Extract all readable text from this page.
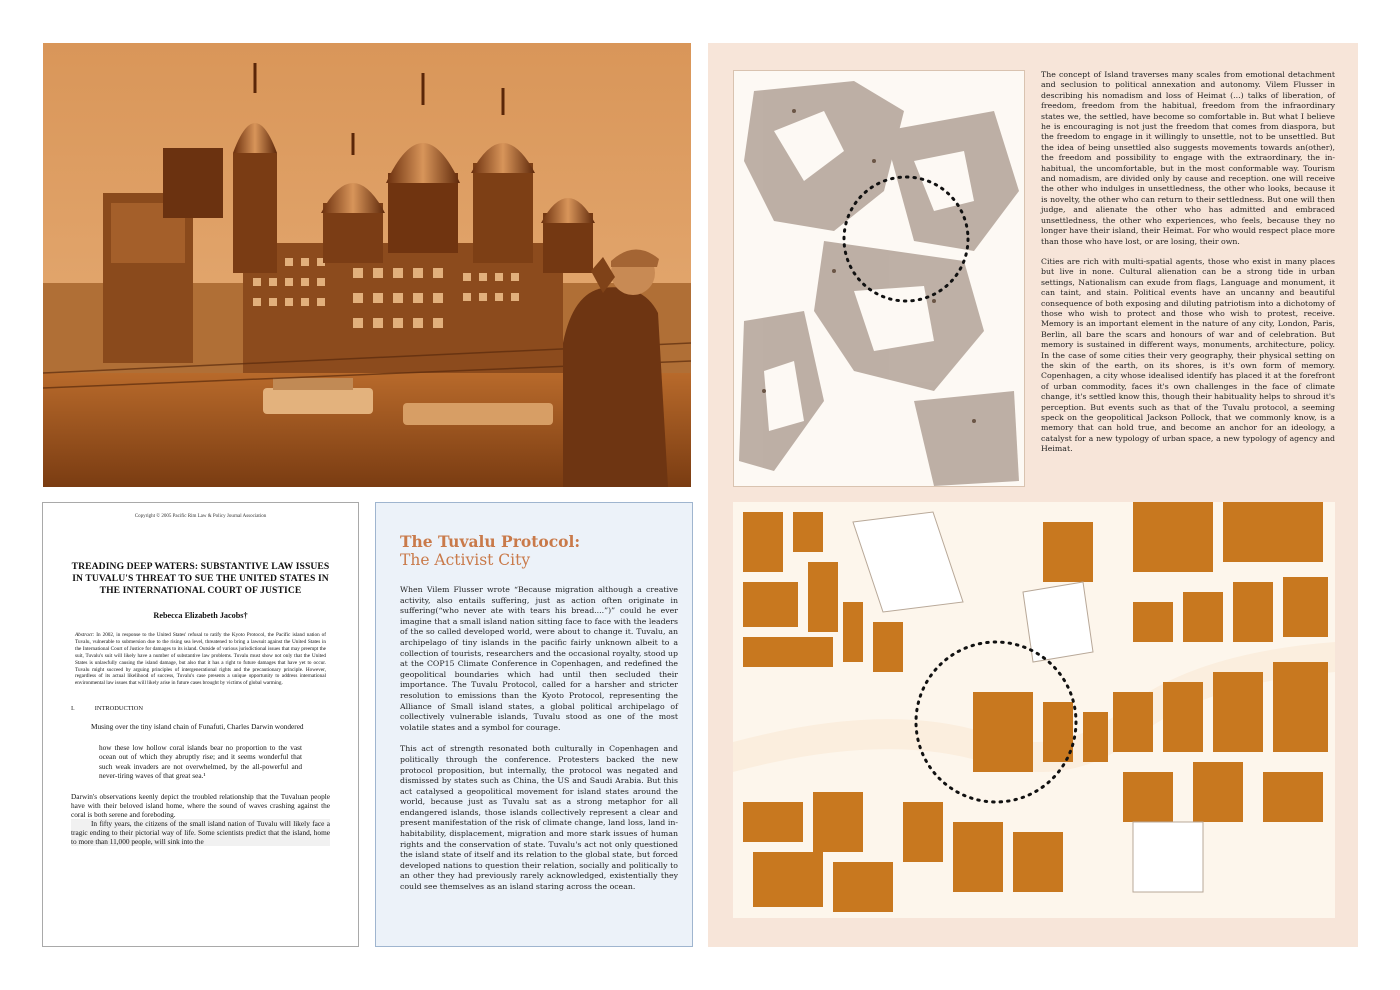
Copyright © 2005 Pacific Rim Law & Policy Journal Association
TREADING DEEP WATERS: SUBSTANTIVE LAW ISSUES IN TUVALU'S THREAT TO SUE THE UNITED STATES IN THE INTERNATIONAL COURT OF JUSTICE
Rebecca Elizabeth Jacobs†
Abstract: In 2002, in response to the United States' refusal to ratify the Kyoto Protocol, the Pacific island nation of Tuvalu, vulnerable to submersion due to the rising sea level, threatened to bring a lawsuit against the United States in the International Court of Justice for damages to its island. Outside of various jurisdictional issues that may preempt the suit, Tuvalu's suit will likely have a number of substantive law problems. Tuvalu must show not only that the United States is unlawfully causing the island damage, but also that it has a right to future damages that have yet to occur. Tuvalu might succeed by arguing principles of intergenerational rights and the precautionary principle. However, regardless of its actual likelihood of success, Tuvalu's case presents a unique opportunity to address international environmental law issues that will likely arise in future cases brought by victims of global warming.
I.	INTRODUCTION
Musing over the tiny island chain of Funafuti, Charles Darwin wondered
how these low hollow coral islands bear no proportion to the vast ocean out of which they abruptly rise; and it seems wonderful that such weak invaders are not overwhelmed, by the all-powerful and never-tiring waves of that great sea.¹
Darwin's observations keenly depict the troubled relationship that the Tuvaluan people have with their beloved island home, where the sound of waves crashing against the coral is both serene and foreboding.
In fifty years, the citizens of the small island nation of Tuvalu will likely face a tragic ending to their pictorial way of life. Some scientists predict that the island, home to more than 11,000 people, will sink into the
The Tuvalu Protocol:
The Activist City

When Vilem Flusser wrote “Because migration although a creative activity, also entails suffering, just as action often originate in suffering(“who never ate with tears his bread....”)” could he ever imagine that a small island nation sitting face to face with the leaders of the so called developed world, were about to change it. Tuvalu, an archipelago of tiny islands in the pacific fairly unknown albeit to a collection of tourists, researchers and the occasional royalty, stood up at the COP15 Climate Conference in Copenhagen, and redefined the geopolitical boundaries which had until then secluded their importance. The Tuvalu Protocol, called for a harsher and stricter resolution to emissions than the Kyoto Protocol, representing the Alliance of Small island states, a global political archipelago of collectively vulnerable islands, Tuvalu stood as one of the most volatile states and a symbol for courage.

This act of strength resonated both culturally in Copenhagen and politically through the conference. Protesters backed the new protocol proposition, but internally, the protocol was negated and dismissed by states such as China, the US and Saudi Arabia. But this act catalysed a geopolitical movement for island states around the world, because just as Tuvalu sat as a strong metaphor for all endangered islands, those islands collectively represent a clear and present manifestation of the risk of climate change, land loss, land in-habitability, displacement, migration and more stark issues of human rights and the conservation of state. Tuvalu's act not only questioned the island state of itself and its relation to the global state, but forced developed nations to question their relation, socially and politically to an other they had previously rarely acknowledged, existentially they could see themselves as an island staring across the ocean.

The concept of Island traverses many scales from emotional detachment and seclusion to political annexation and autonomy. Vilem Flusser in describing his nomadism and loss of Heimat (...) talks of liberation, of freedom, freedom from the habitual, freedom from the infraordinary states we, the settled, have become so comfortable in. But what I believe he is encouraging is not just the freedom that comes from diaspora, but the freedom to engage in it willingly to unsettle, not to be unsettled. But the idea of being unsettled also suggests movements towards an(other), the freedom and possibility to engage with the extraordinary, the in-habitual, the uncomfortable, but in the most conformable way. Tourism and nomadism, are divided only by cause and reception. one will receive the other who indulges in unsettledness, the other who looks, because it is novelty, the other who can return to their settledness. But one will then judge, and alienate the other who has admitted and embraced unsettledness, the other who experiences, who feels, because they no longer have their island, their Heimat. For who would respect place more than those who have lost, or are losing, their own.

Cities are rich with multi-spatial agents, those who exist in many places but live in none. Cultural alienation can be a strong tide in urban settings, Nationalism can exude from flags, Language and monument, it can taint, and stain. Political events have an uncanny and beautiful consequence of both exposing and diluting patriotism into a dichotomy of those who wish to protect and those who wish to protest, receive. Memory is an important element in the nature of any city, London, Paris, Berlin, all bare the scars and honours of war and of celebration. But memory is sustained in different ways, monuments, architecture, policy. In the case of some cities their very geography, their physical setting on the skin of the earth, on its shores, is it's own form of memory. Copenhagen, a city whose idealised identify has placed it at the forefront of urban commodity, faces it's own challenges in the face of climate change, it's settled know this, though their habituality helps to shroud it's perception. But events such as that of the Tuvalu protocol, a seeming speck on the geopolitical Jackson Pollock, that we commonly know, is a memory that can hold true, and become an anchor for an ideology, a catalyst for a new typology of urban space, a new typology of agency and Heimat.
